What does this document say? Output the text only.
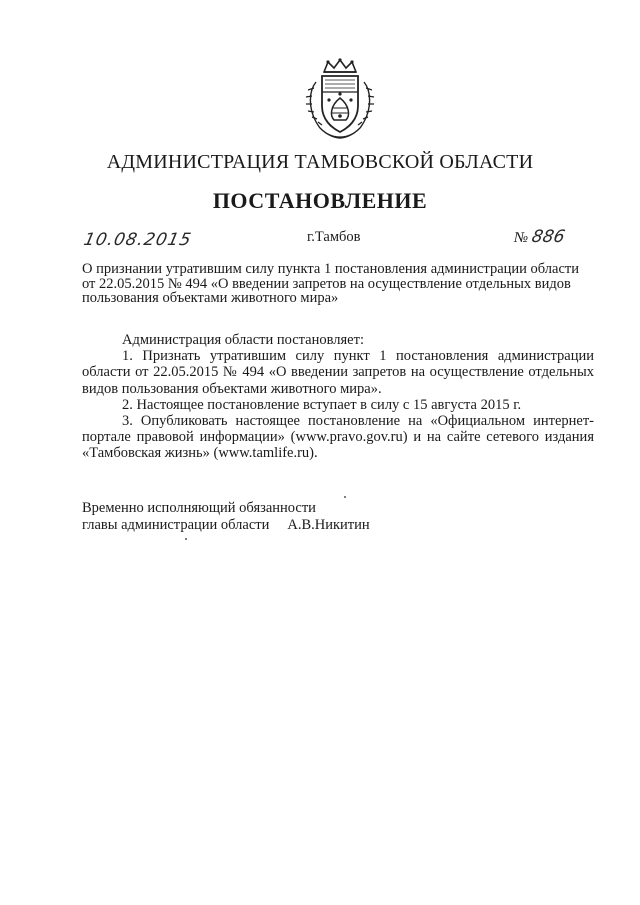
АДМИНИСТРАЦИЯ ТАМБОВСКОЙ ОБЛАСТИ
ПОСТАНОВЛЕНИЕ
10.08.2015	г.Тамбов	№ 886
О признании утратившим силу пункта 1 постановления администрации области
от 22.05.2015 № 494 «О введении запретов на осуществление отдельных видов
пользования объектами животного мира»

Администрация области постановляет:

1. Признать утратившим силу пункт 1 постановления администрации области от 22.05.2015 № 494 «О введении запретов на осуществление отдельных видов пользования объектами животного мира».

2. Настоящее постановление вступает в силу с 15 августа 2015 г.

3. Опубликовать настоящее постановление на «Официальном интернет-портале правовой информации» (www.pravo.gov.ru) и на сайте сетевого издания «Тамбовская жизнь» (www.tamlife.ru).

Временно исполняющий обязанности
главы администрации области А.В.Никитин
